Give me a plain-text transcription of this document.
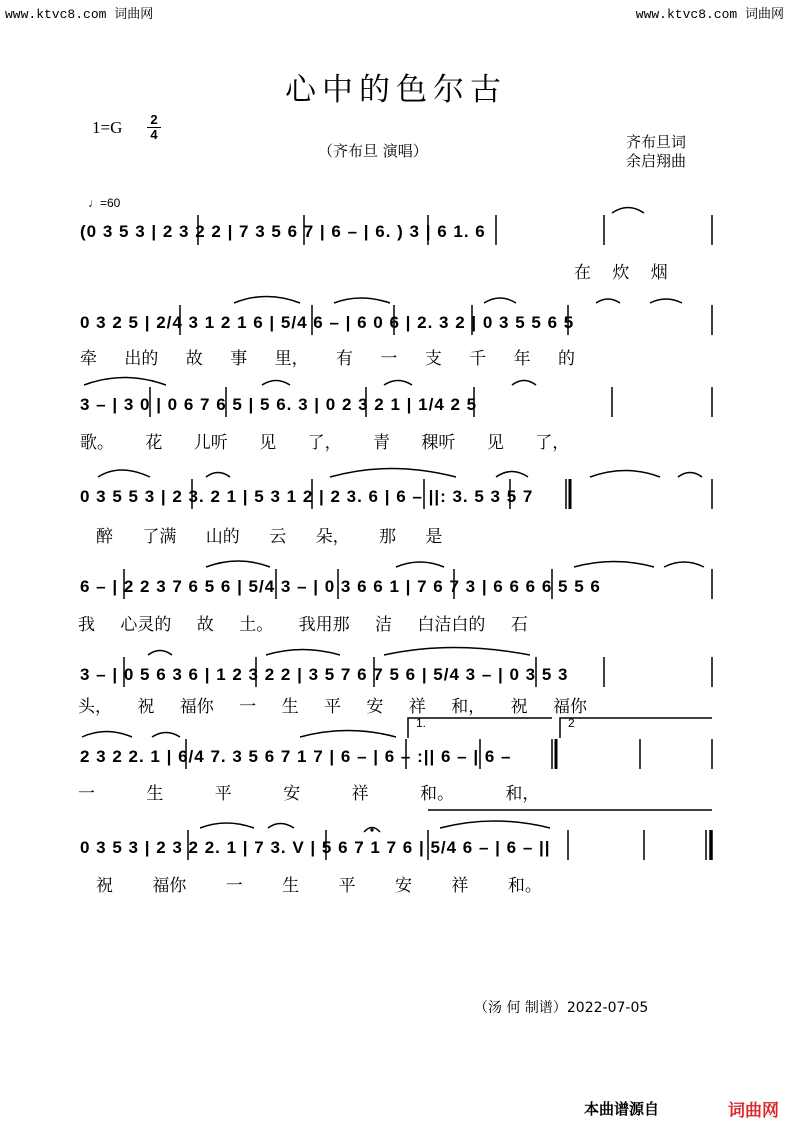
www.ktvc8.com 词曲网	www.ktvc8.com 词曲网
心中的色尔古
1=G 2
4
（齐布旦 演唱）	齐布旦词
余启翔曲
♩=60
(0 3 5 3 | 2 3 2 2 | 7 3 5 6 7 | 6 – | 6. ) 3 | 6 1. 6
0 3 2 5 | 2/4 3 1 2 1 6 | 5/4 6 – | 6 0 6 | 2. 3 2 | 0 3 5 5 6 5
3 – | 3 0 | 0 6 7 6 5 | 5 6. 3 | 0 2 3 2 1 | 1/4 2 5
0 3 5 5 3 | 2 3. 2 1 | 5 3 1 2 | 2 3. 6 | 6 – ||: 3. 5 3 5 7
6 – | 2 2 3 7 6 5 6 | 5/4 3 – | 0 3 6 6 1 | 7 6 7 3 | 6 6 6 6 5 5 6
3 – | 0 5 6 3 6 | 1 2 3 2 2 | 3 5 7 6 7 5 6 | 5/4 3 – | 0 3 5 3
2 3 2 2. 1 | 6/4 7. 3 5 6 7 1 7 | 6 – | 6 – :|| 6 – | 6 –
0 3 5 3 | 2 3 2 2. 1 | 7 3. V | 5 6 7 1 7 6 | 5/4 6 – | 6 – ||
在 炊 烟
牵 出的 故 事 里， 有 一 支 千 年 的
歌。 花 儿听 见 了， 青 稞听 见 了，
醉 了满 山的 云 朵， 那 是
我 心灵的 故 土。 我用那 洁 白洁白的 石
头， 祝 福你 一 生 平 安 祥 和， 祝 福你
一 生 平 安 祥 和。 和，
祝 福你 一 生 平 安 祥 和。
1.	2
（汤 何 制谱）2022-07-05
本曲谱源自	词曲网
